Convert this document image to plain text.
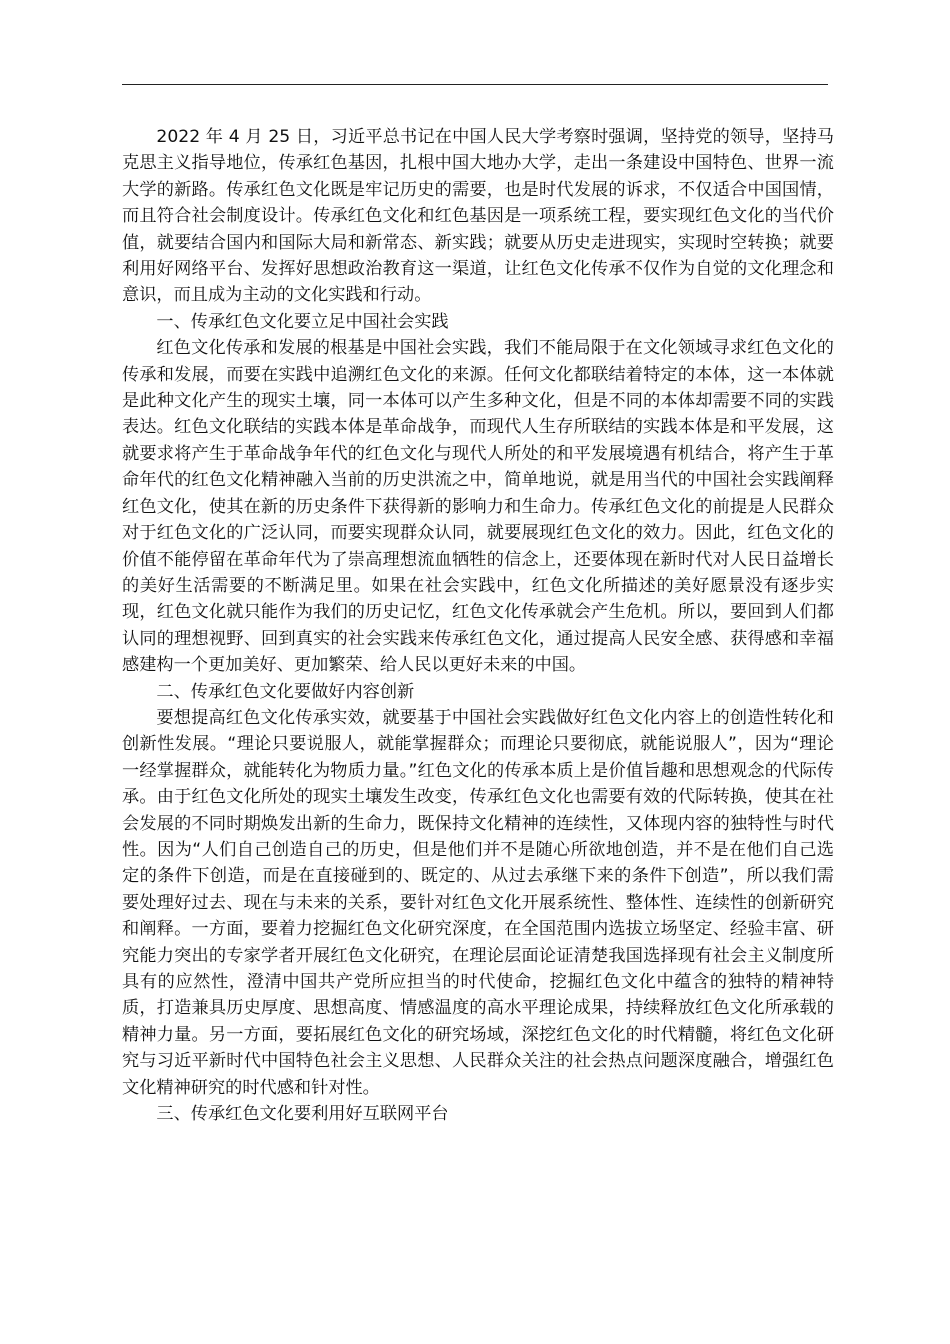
2022 年 4 月 25 日，习近平总书记在中国人民大学考察时强调，坚持党的领导，坚持马克思主义指导地位，传承红色基因，扎根中国大地办大学，走出一条建设中国特色、世界一流大学的新路。传承红色文化既是牢记历史的需要，也是时代发展的诉求，不仅适合中国国情，而且符合社会制度设计。传承红色文化和红色基因是一项系统工程，要实现红色文化的当代价值，就要结合国内和国际大局和新常态、新实践；就要从历史走进现实，实现时空转换；就要利用好网络平台、发挥好思想政治教育这一渠道，让红色文化传承不仅作为自觉的文化理念和意识，而且成为主动的文化实践和行动。

一、传承红色文化要立足中国社会实践

红色文化传承和发展的根基是中国社会实践，我们不能局限于在文化领域寻求红色文化的传承和发展，而要在实践中追溯红色文化的来源。任何文化都联结着特定的本体，这一本体就是此种文化产生的现实土壤，同一本体可以产生多种文化，但是不同的本体却需要不同的实践表达。红色文化联结的实践本体是革命战争，而现代人生存所联结的实践本体是和平发展，这就要求将产生于革命战争年代的红色文化与现代人所处的和平发展境遇有机结合，将产生于革命年代的红色文化精神融入当前的历史洪流之中，简单地说，就是用当代的中国社会实践阐释红色文化，使其在新的历史条件下获得新的影响力和生命力。传承红色文化的前提是人民群众对于红色文化的广泛认同，而要实现群众认同，就要展现红色文化的效力。因此，红色文化的价值不能停留在革命年代为了崇高理想流血牺牲的信念上，还要体现在新时代对人民日益增长的美好生活需要的不断满足里。如果在社会实践中，红色文化所描述的美好愿景没有逐步实现，红色文化就只能作为我们的历史记忆，红色文化传承就会产生危机。所以，要回到人们都认同的理想视野、回到真实的社会实践来传承红色文化，通过提高人民安全感、获得感和幸福感建构一个更加美好、更加繁荣、给人民以更好未来的中国。

二、传承红色文化要做好内容创新

要想提高红色文化传承实效，就要基于中国社会实践做好红色文化内容上的创造性转化和创新性发展。“理论只要说服人，就能掌握群众；而理论只要彻底，就能说服人”，因为“理论一经掌握群众，就能转化为物质力量。”红色文化的传承本质上是价值旨趣和思想观念的代际传承。由于红色文化所处的现实土壤发生改变，传承红色文化也需要有效的代际转换，使其在社会发展的不同时期焕发出新的生命力，既保持文化精神的连续性，又体现内容的独特性与时代性。因为“人们自己创造自己的历史，但是他们并不是随心所欲地创造，并不是在他们自己选定的条件下创造，而是在直接碰到的、既定的、从过去承继下来的条件下创造”，所以我们需要处理好过去、现在与未来的关系，要针对红色文化开展系统性、整体性、连续性的创新研究和阐释。一方面，要着力挖掘红色文化研究深度，在全国范围内选拔立场坚定、经验丰富、研究能力突出的专家学者开展红色文化研究，在理论层面论证清楚我国选择现有社会主义制度所具有的应然性，澄清中国共产党所应担当的时代使命，挖掘红色文化中蕴含的独特的精神特质，打造兼具历史厚度、思想高度、情感温度的高水平理论成果，持续释放红色文化所承载的精神力量。另一方面，要拓展红色文化的研究场域，深挖红色文化的时代精髓，将红色文化研究与习近平新时代中国特色社会主义思想、人民群众关注的社会热点问题深度融合，增强红色文化精神研究的时代感和针对性。

三、传承红色文化要利用好互联网平台
